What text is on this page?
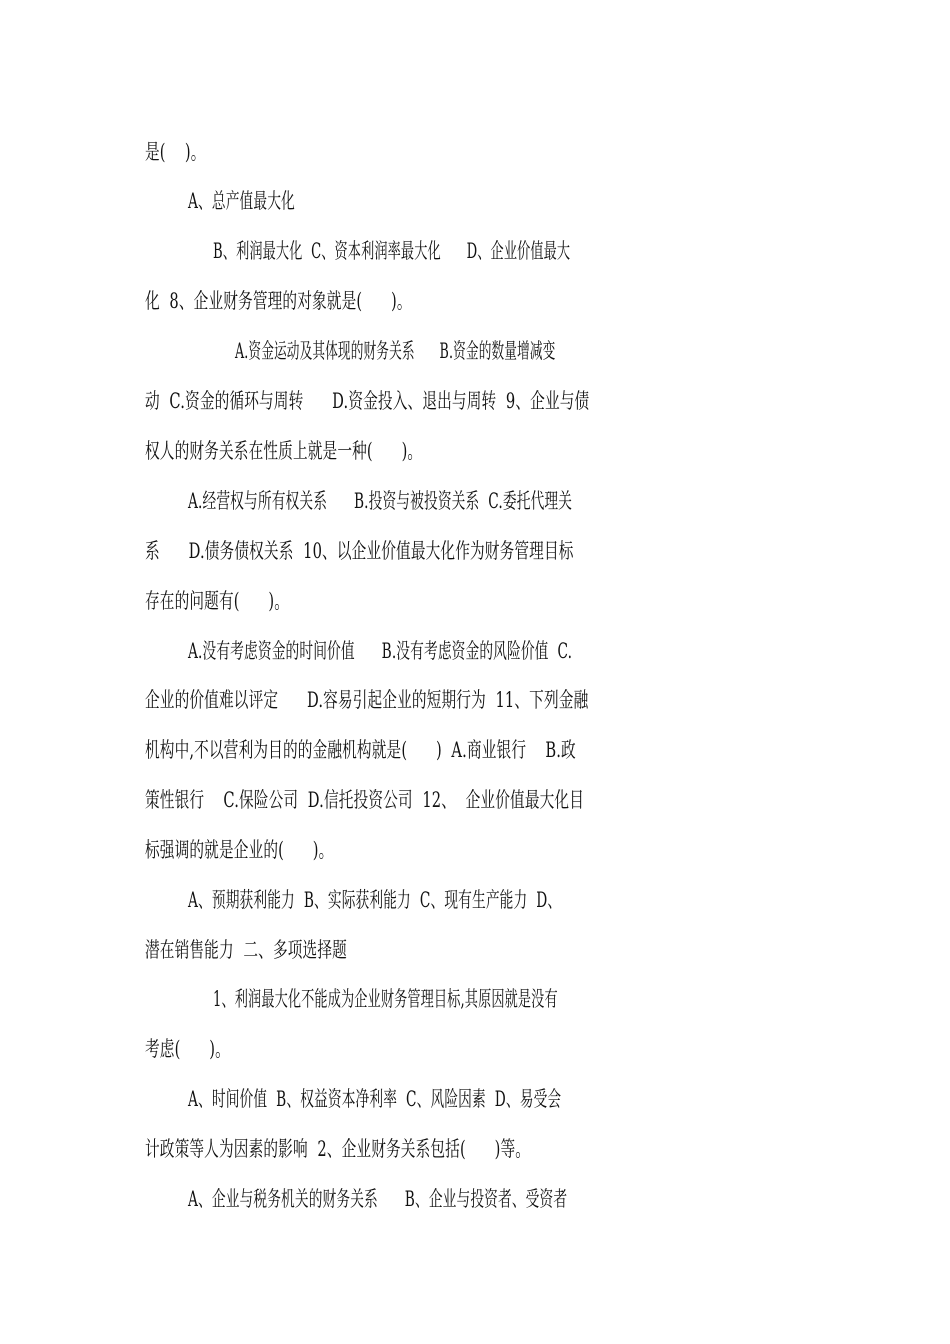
是(    )。
A、总产值最大化
B、利润最大化  C、资本利润率最大化      D、企业价值最大
化  8、企业财务管理的对象就是(      )。
A.资金运动及其体现的财务关系      B.资金的数量增减变
动  C.资金的循环与周转      D.资金投入、退出与周转  9、企业与债
权人的财务关系在性质上就是一种(      )。
A.经营权与所有权关系      B.投资与被投资关系  C.委托代理关
系      D.债务债权关系  10、以企业价值最大化作为财务管理目标
存在的问题有(      )。
A.没有考虑资金的时间价值      B.没有考虑资金的风险价值  C.
企业的价值难以评定      D.容易引起企业的短期行为  11、下列金融
机构中,不以营利为目的的金融机构就是(      )  A.商业银行    B.政
策性银行    C.保险公司  D.信托投资公司  12、  企业价值最大化目
标强调的就是企业的(      )。
A、预期获利能力  B、实际获利能力  C、现有生产能力  D、
潜在销售能力  二、多项选择题
1、利润最大化不能成为企业财务管理目标,其原因就是没有
考虑(      )。
A、时间价值  B、权益资本净利率  C、风险因素  D、易受会
计政策等人为因素的影响  2、企业财务关系包括(      )等。
A、企业与税务机关的财务关系      B、企业与投资者、受资者
